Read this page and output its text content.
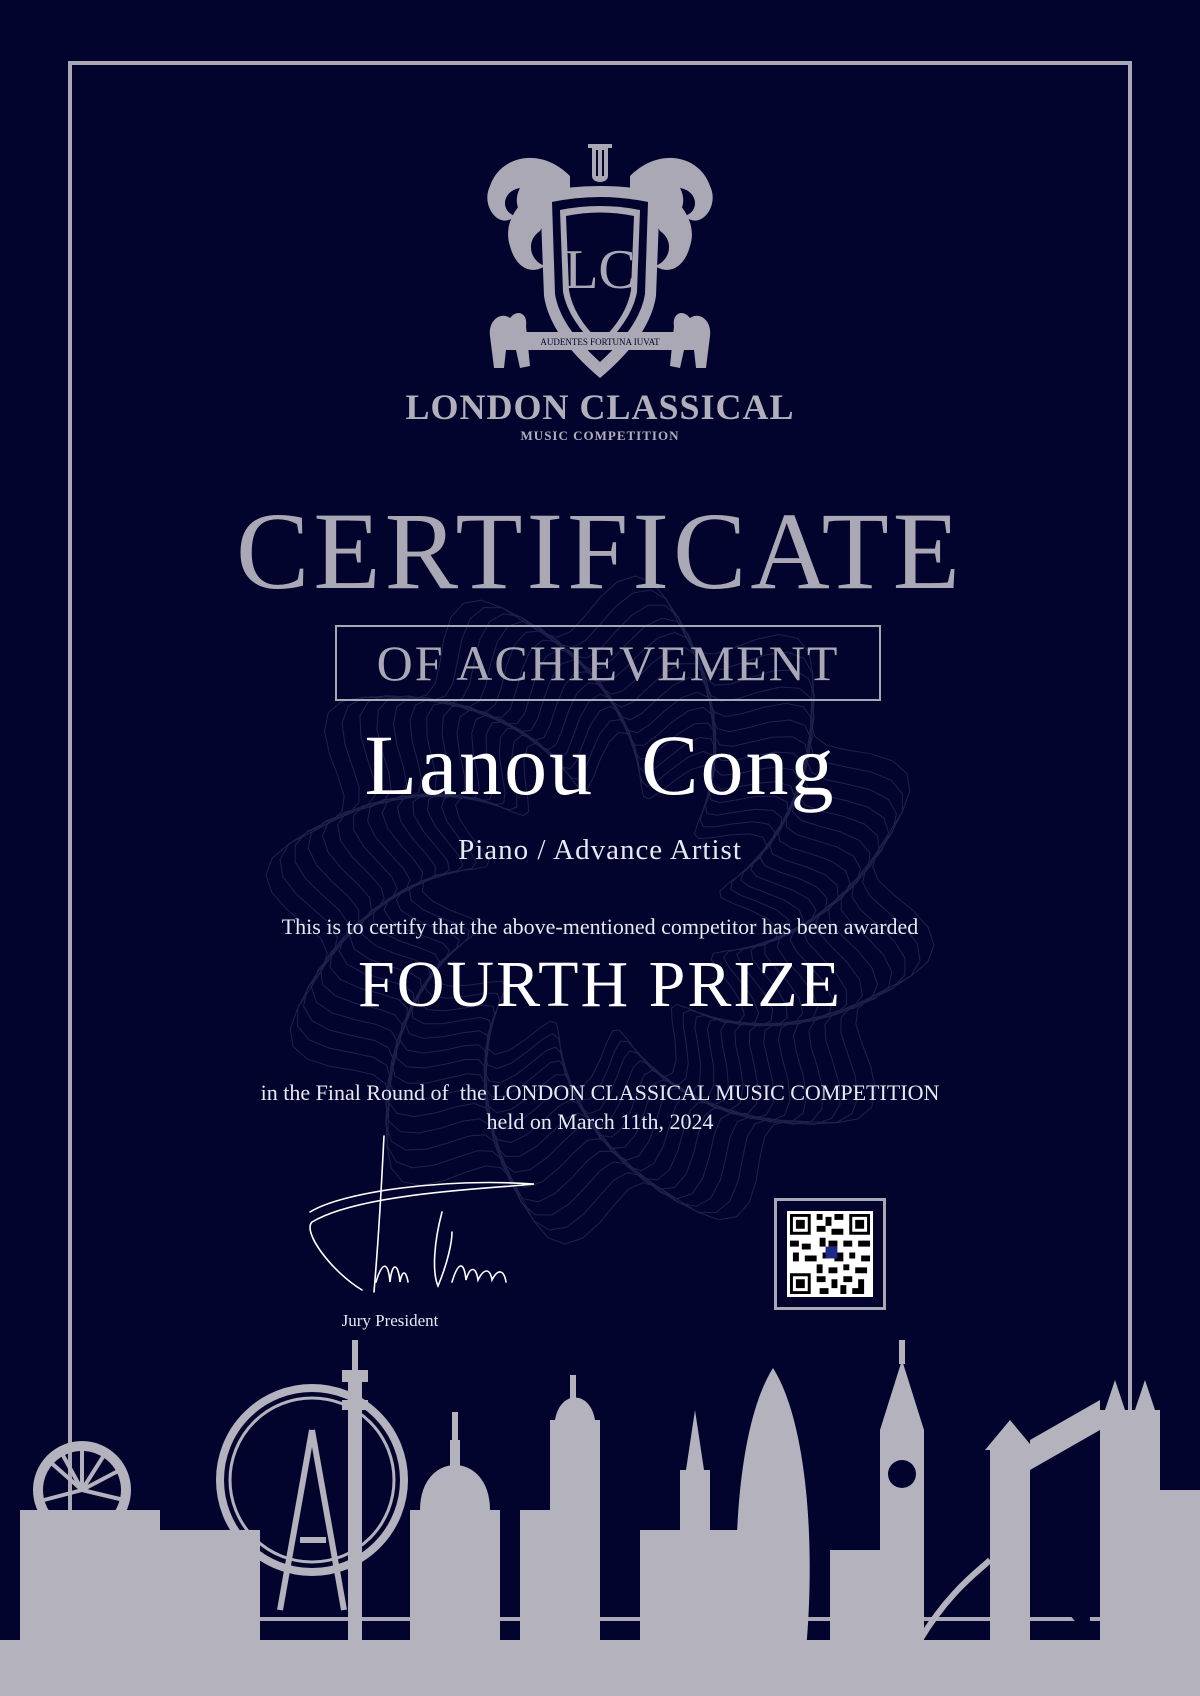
LC
AUDENTES FORTUNA IUVAT
LONDON CLASSICAL
MUSIC COMPETITION
CERTIFICATE
OF ACHIEVEMENT
Lanou  Cong
Piano / Advance Artist
This is to certify that the above-mentioned competitor has been awarded
FOURTH PRIZE
in the Final Round of  the LONDON CLASSICAL MUSIC COMPETITION
held on March 11th, 2024
Jury President
